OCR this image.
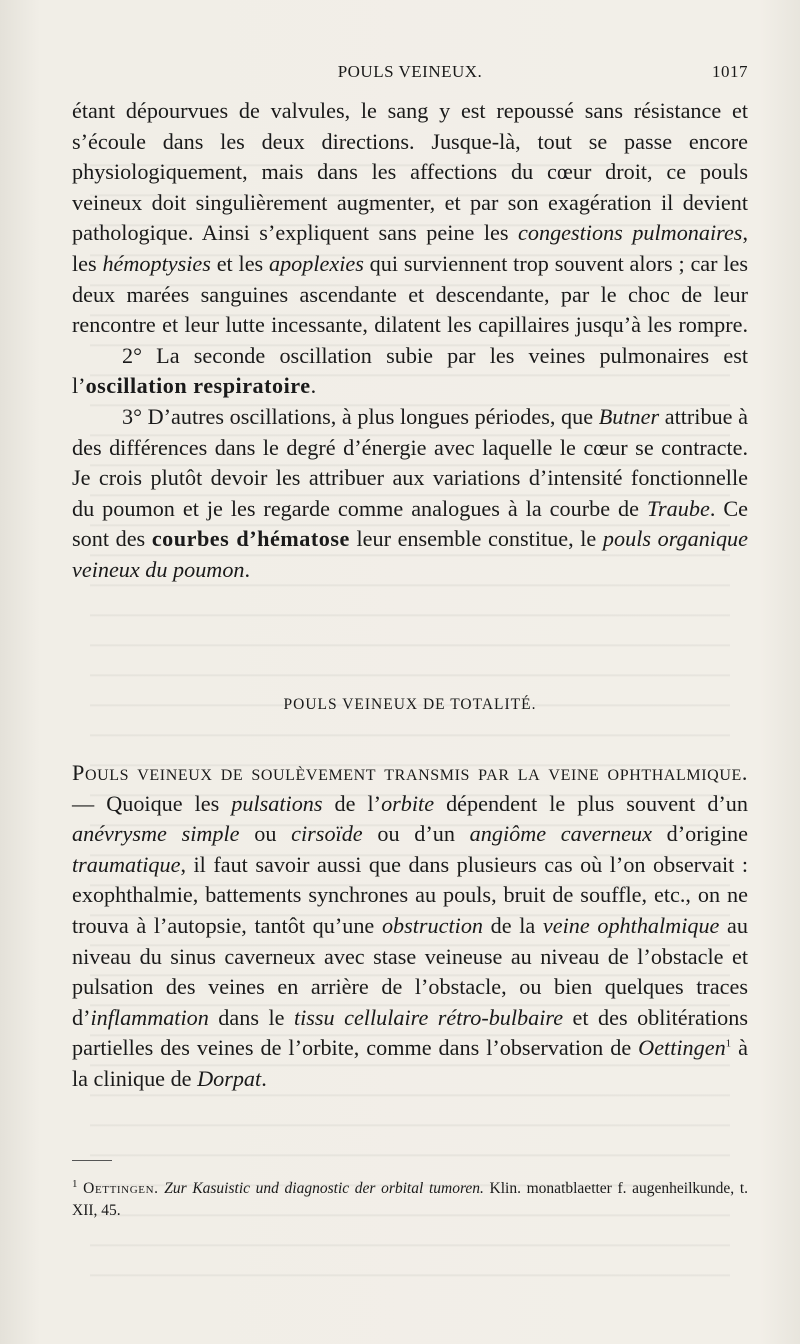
POULS VEINEUX.	1017

étant dépourvues de valvules, le sang y est repoussé sans résistance et s’écoule dans les deux directions. Jusque-là, tout se passe encore physiologiquement, mais dans les affections du cœur droit, ce pouls veineux doit singulièrement augmenter, et par son exagération il devient pathologique. Ainsi s’expliquent sans peine les congestions pulmonaires, les hémoptysies et les apoplexies qui surviennent trop souvent alors ; car les deux marées sanguines ascendante et descendante, par le choc de leur rencontre et leur lutte incessante, dilatent les capillaires jusqu’à les rompre.

2° La seconde oscillation subie par les veines pulmonaires est l’oscillation respiratoire.

3° D’autres oscillations, à plus longues périodes, que Butner attribue à des différences dans le degré d’énergie avec laquelle le cœur se contracte. Je crois plutôt devoir les attribuer aux variations d’intensité fonctionnelle du poumon et je les regarde comme analogues à la courbe de Traube. Ce sont des courbes d’hématose leur ensemble constitue, le pouls organique veineux du poumon.

POULS VEINEUX DE TOTALITÉ.

Pouls veineux de soulèvement transmis par la veine ophthalmique. — Quoique les pulsations de l’orbite dépendent le plus souvent d’un anévrysme simple ou cirsoïde ou d’un angiôme caverneux d’origine traumatique, il faut savoir aussi que dans plusieurs cas où l’on observait : exophthalmie, battements synchrones au pouls, bruit de souffle, etc., on ne trouva à l’autopsie, tantôt qu’une obstruction de la veine ophthalmique au niveau du sinus caverneux avec stase veineuse au niveau de l’obstacle et pulsation des veines en arrière de l’obstacle, ou bien quelques traces d’inflammation dans le tissu cellulaire rétro-bulbaire et des oblitérations partielles des veines de l’orbite, comme dans l’observation de Oettingen$^1$ à la clinique de Dorpat.

$^1$ Oettingen. Zur Kasuistic und diagnostic der orbital tumoren. Klin. monatblaetter f. augenheilkunde, t. XII, 45.
